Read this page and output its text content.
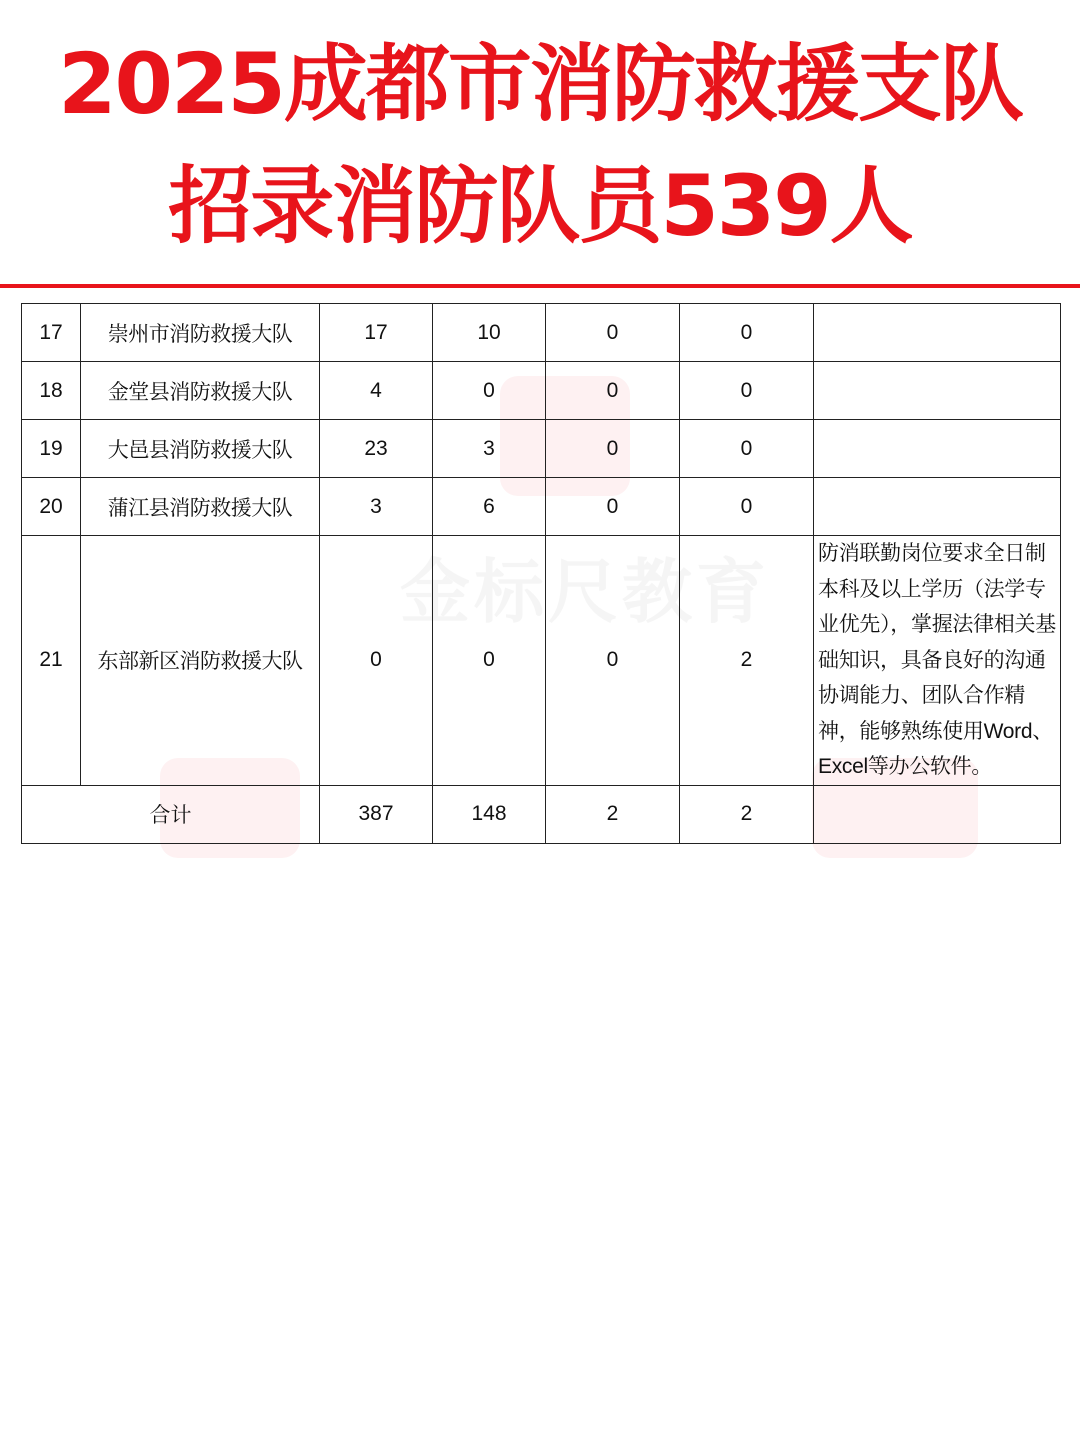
2025成都市消防救援支队
招录消防队员539人
金标尺教育
17	崇州市消防救援大队	17	10	0	0	
18	金堂县消防救援大队	4	0	0	0	
19	大邑县消防救援大队	23	3	0	0	
20	蒲江县消防救援大队	3	6	0	0	
21	东部新区消防救援大队	0	0	0	2	防消联勤岗位要求全日制本科及以上学历（法学专业优先），掌握法律相关基础知识，具备良好的沟通协调能力、团队合作精神，能够熟练使用Word、Excel等办公软件。
合计		387	148	2	2	
